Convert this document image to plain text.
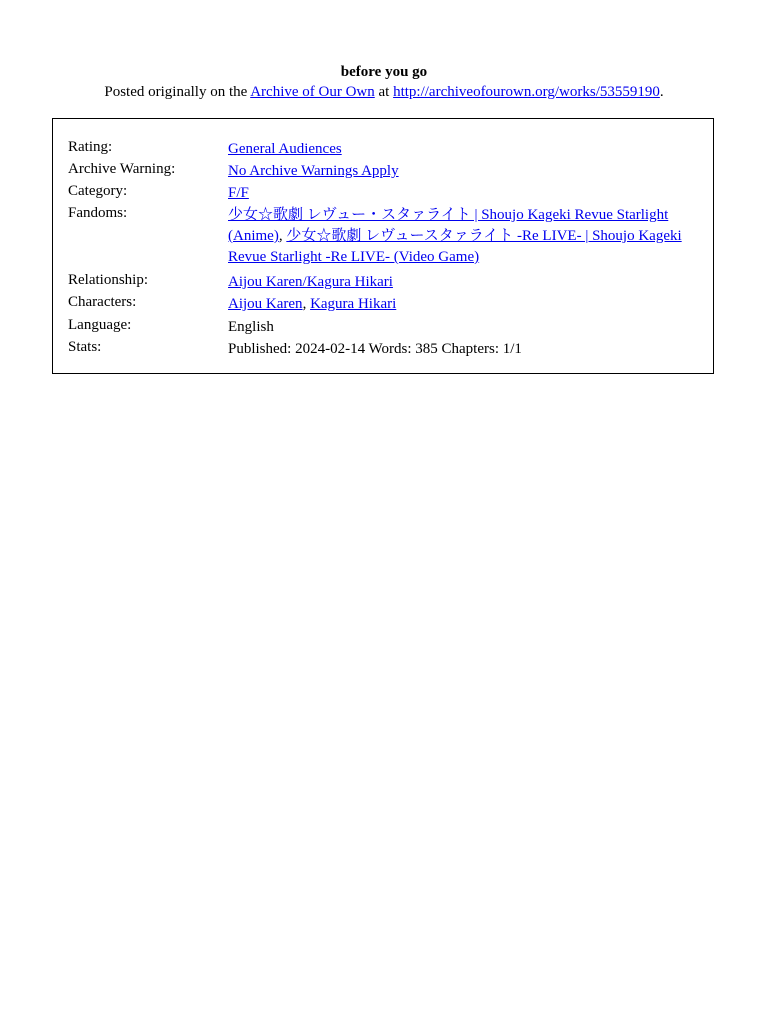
before you go
Posted originally on the Archive of Our Own at http://archiveofourown.org/works/53559190.
Rating:	General Audiences
Archive Warning:	No Archive Warnings Apply
Category:	F/F
Fandoms:	少女☆歌劇 レヴュー・スタァライト | Shoujo Kageki Revue Starlight (Anime), 少女☆歌劇 レヴュースタァライト -Re LIVE- | Shoujo Kageki Revue Starlight -Re LIVE- (Video Game)
Relationship:	Aijou Karen/Kagura Hikari
Characters:	Aijou Karen, Kagura Hikari
Language:	English
Stats:	Published: 2024-02-14 Words: 385 Chapters: 1/1
